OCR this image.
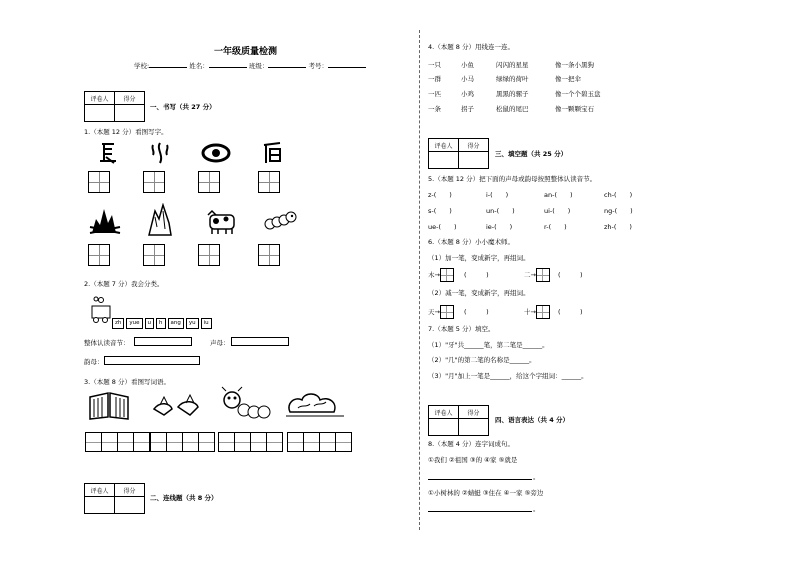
一年级质量检测
学校:	姓名：	班级：	考号：
评卷人	得分

一、书写（共 27 分）
1.（本题 12 分）看图写字。
2.（本题 7 分）我会分类。
zh yue u h ang yu iu
整体认读音节：	声母：
韵母：
3.（本题 8 分）看图写词语。
评卷人	得分

二、连线题（共 8 分）
4.（本题 8 分）用线连一连。
一只	小鱼	闪闪的星星	像一条小黑狗
一群	小马	绿绿的荷叶	像一把伞
一匹	小鸡	黑黑的骡子	像一个个碧玉盘
一条	拐子	松鼠的尾巴	像一颗颗宝石
评卷人	得分

三、填空题（共 25 分）
5.（本题 12 分）把下面的声母或韵母按照整体认读音节。
z-(　　)	i-(　　)	an-(　　)	ch-(　　)
s-(　　)	un-(　　)	ui-(　　)	ng-(　　)
ue-(　　)	ie-(　　)	r-(　　)	zh-(　　)
6.（本题 8 分）小小魔术师。
（1）加一笔，变成新字，再组词。
木→	(　　　)	二→	(　　　)
（2）减一笔，变成新字，再组词。
天→	(　　　)	十→	(　　　)
7.（本题 5 分）填空。
（1）"牙"共______笔，第二笔是______。
（2）"几"的第二笔的名称是______。
（3）"月"加上一笔是______，给这个字组词：______。
评卷人	得分

四、语言表达（共 4 分）
8.（本题 4 分）连字词成句。
①我们 ②祖国 ③的 ④家 ⑤就是
。
①小树林的 ②蜻蜓 ③住在 ④一家 ⑤旁边
。
